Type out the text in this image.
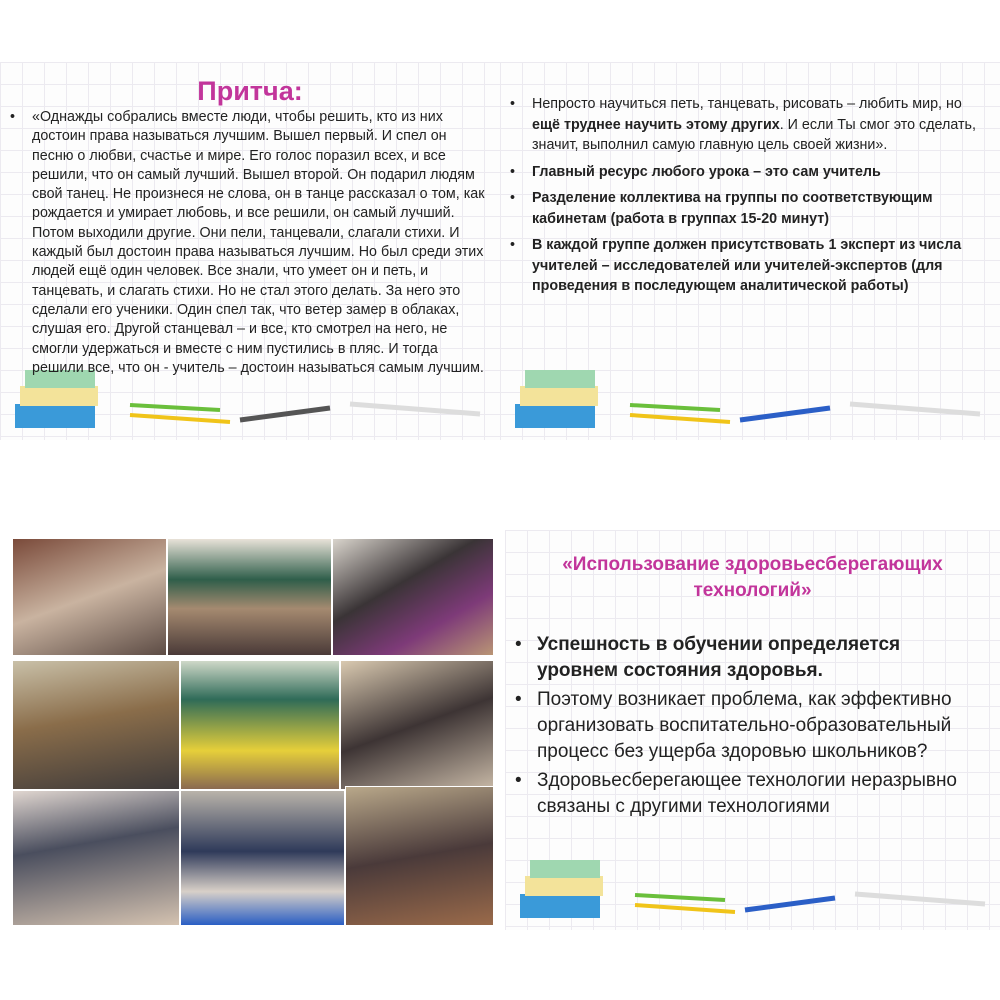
Притча:
• «Однажды собрались вместе люди, чтобы решить, кто из них достоин права называться лучшим. Вышел первый. И спел он песню о любви, счастье и мире. Его голос поразил всех, и все решили, что он самый лучший. Вышел второй. Он подарил людям свой танец. Не произнеся не слова, он в танце рассказал о том, как рождается и умирает любовь, и все решили, он самый лучший. Потом выходили другие. Они пели, танцевали, слагали стихи. И каждый был достоин права называться лучшим. Но был среди этих людей ещё один человек. Все знали, что умеет он и петь, и танцевать, и слагать стихи. Но не стал этого делать. За него это сделали его ученики. Один спел так, что ветер замер в облаках, слушая его. Другой станцевал – и все, кто смотрел на него, не смогли удержаться и вместе с ним пустились в пляс. И тогда решили все, что он - учитель – достоин называться самым лучшим.
• Непросто научиться петь, танцевать, рисовать – любить мир, но ещё труднее научить этому других. И если Ты смог это сделать, значит, выполнил самую главную цель своей жизни».
• Главный ресурс любого урока – это сам учитель
• Разделение коллектива на группы по соответствующим кабинетам (работа в группах 15-20 минут)
• В каждой группе должен присутствовать 1 эксперт из числа учителей – исследователей или учителей-экспертов (для проведения в последующем аналитической работы)
«Использование здоровьесберегающих технологий»
• Успешность в обучении определяется уровнем состояния здоровья.
• Поэтому возникает проблема, как эффективно организовать воспитательно-образовательный процесс без ущерба здоровью школьников?
• Здоровьесберегающее технологии неразрывно связаны с другими технологиями
